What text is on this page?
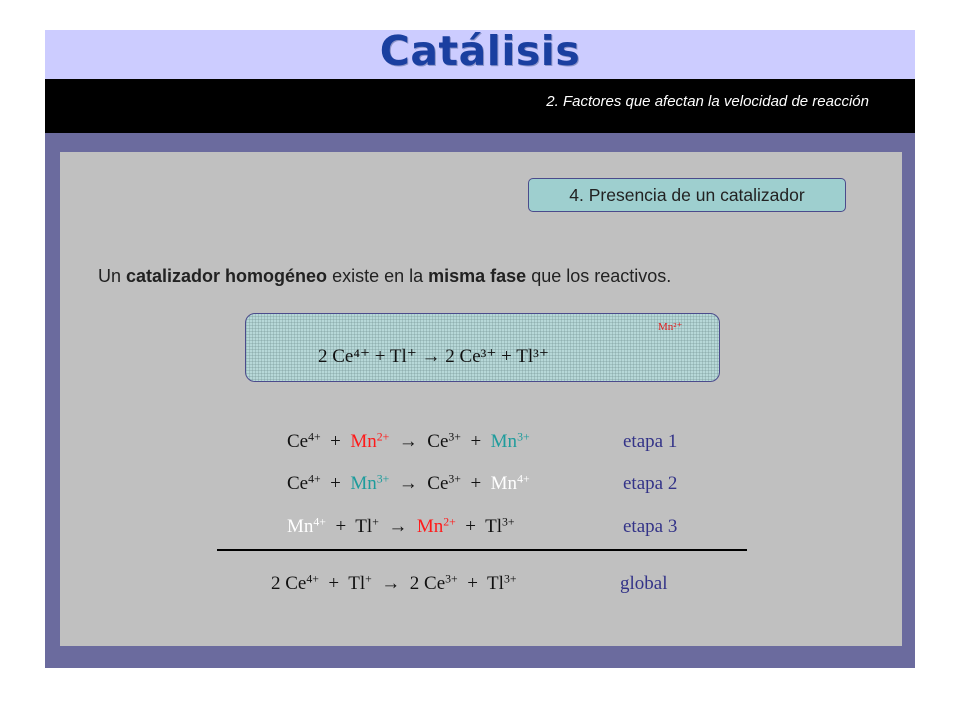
Catálisis
2. Factores que afectan la velocidad de reacción
4. Presencia de un catalizador
Un catalizador homogéneo existe en la misma fase que los reactivos.
Mn²⁺
2 Ce⁴⁺ + Tl⁺ → 2 Ce³⁺ + Tl³⁺
$Ce^{4+} + Mn^{2+} \to Ce^{3+} + Mn^{3+}$	etapa 1
$Ce^{4+} + Mn^{3+} \to Ce^{3+} + Mn^{4+}$	etapa 2
$Mn^{4+} + Tl^+ \to Mn^{2+} + Tl^{3+}$	etapa 3
2 $Ce^{4+} + Tl^+ \to 2$ $Ce^{3+} + Tl^{3+}$	global
